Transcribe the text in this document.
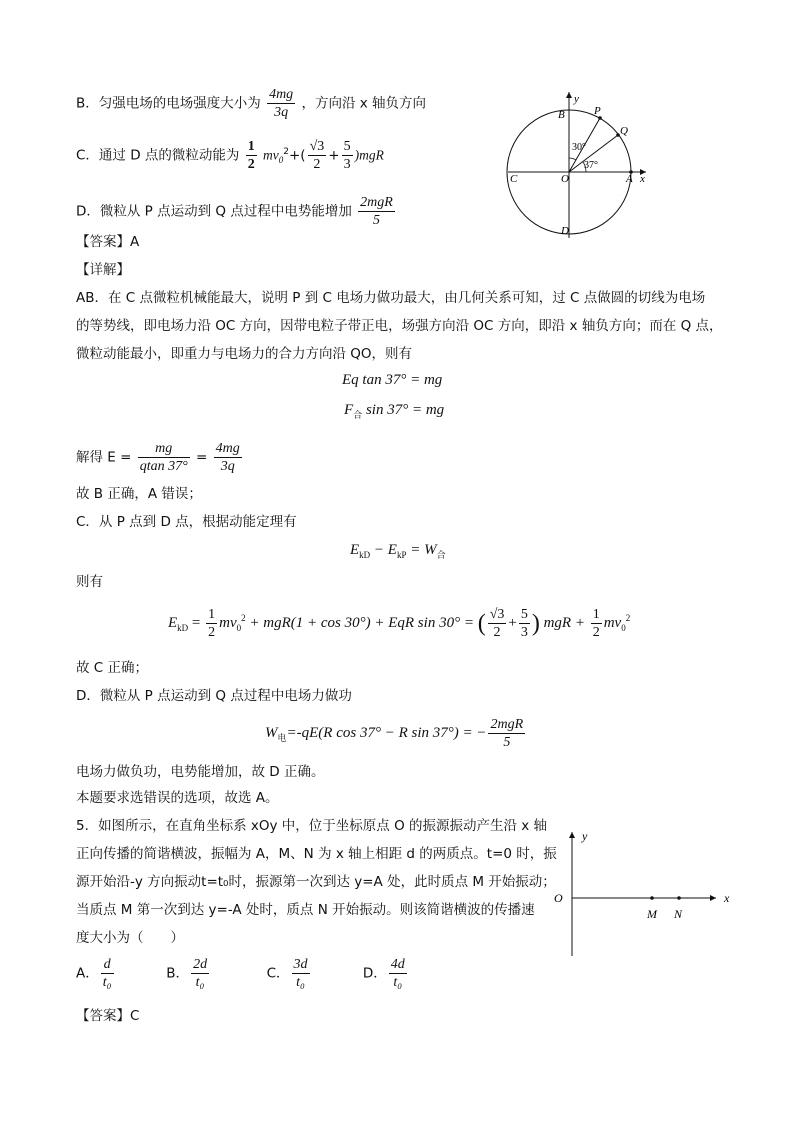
B．匀强电场的电场强度大小为 $\frac{4mg}{3q}$ ，方向沿 x 轴负方向
C．通过 D 点的微粒动能为 $\frac{1}{2} mv_0^2+( \frac{√3}{2} + \frac{5}{3} )mgR$
D．微粒从 P 点运动到 Q 点过程中电势能增加 $\frac{\text{2mgR}}{5}$
【答案】A
【详解】
AB．在 C 点微粒机械能最大，说明 P 到 C 电场力做功最大，由几何关系可知，过 C 点做圆的切线为电场
的等势线，即电场力沿 OC 方向，因带电粒子带正电，场强方向沿 OC 方向，即沿 x 轴负方向；而在 Q 点，
微粒动能最小，即重力与电场力的合力方向沿 QO，则有
Eq tan 37° = mg
$F_合$ sin 37° = mg
解得 $E = \frac{mg}{qtan 37^\circ} = \frac{4mg}{3q}$
故 B 正确，A 错误；
C．从 P 点到 D 点，根据动能定理有
$E_{kD} - E_{kP} = W_合$
则有
$E_{kD} = \frac{1}{2} mv_0^2 + mgR(1 + \cos 30^\circ)$ + EqR sin 30° = ( $\frac{√3}{2} + \frac{5}{3}$ ) mgR + $\frac{1}{2} mv_0^2$
故 C 正确；
D．微粒从 P 点运动到 Q 点过程中电场力做功
$W_电=-qE(R$ cos 37° − R sin 37°) = − $\frac{\text{2mgR}}{5}$
电场力做负功，电势能增加，故 D 正确。
本题要求选错误的选项，故选 A。
5．如图所示，在直角坐标系 xOy 中，位于坐标原点 O 的振源振动产生沿 x 轴
正向传播的简谐横波，振幅为 A，M、N 为 x 轴上相距 d 的两质点。t=0 时，振
源开始沿-y 方向振动t=t₀时，振源第一次到达 y=A 处，此时质点 M 开始振动；
当质点 M 第一次到达 y=-A 处时，质点 N 开始振动。则该简谐横波的传播速
度大小为（　　）
A． $\frac{d}{\text{t₀}}$	B． $\frac{2d}{\text{t₀}}$	C． $\frac{3d}{\text{t₀}}$	D． $\frac{4d}{\text{t₀}}$
【答案】C
y
x
B	P
Q
C	O	A
D
30°
37°
y
x
O
M N
